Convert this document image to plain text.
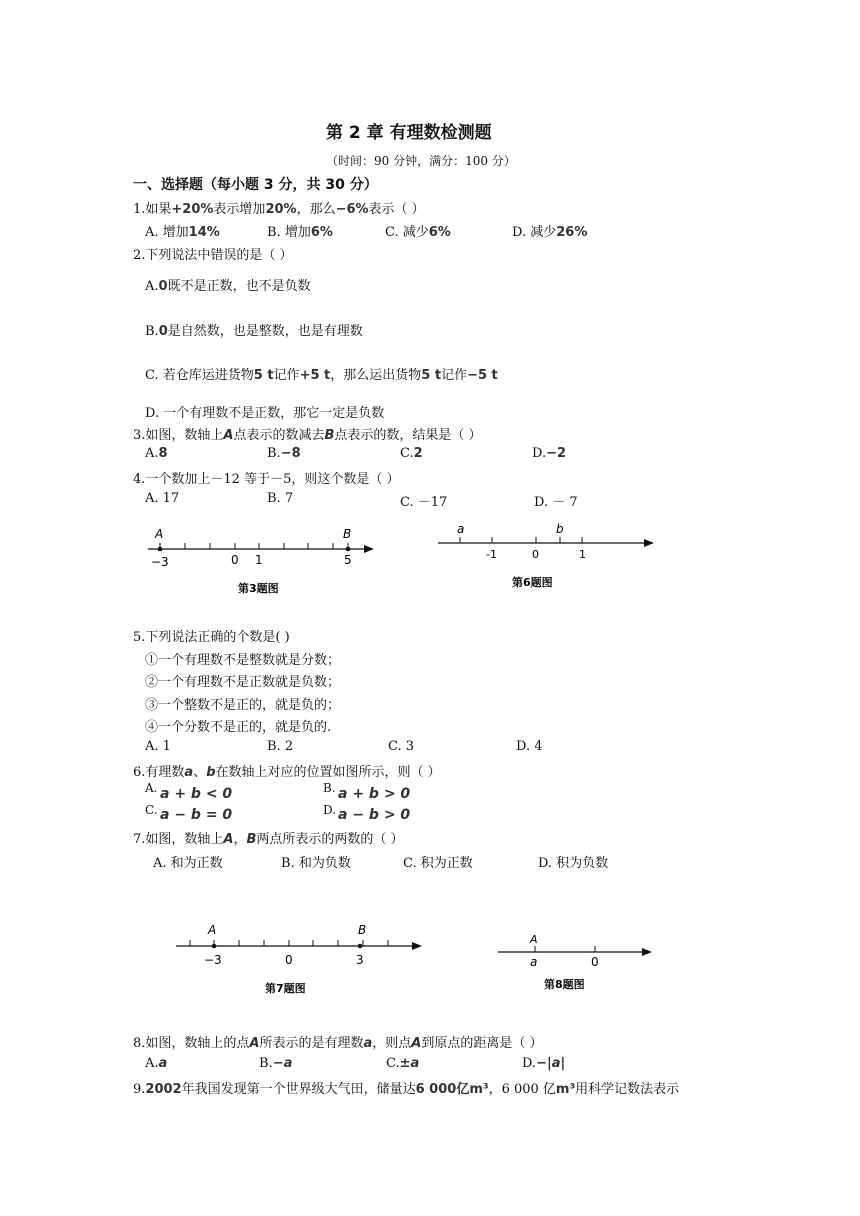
第 2 章 有理数检测题
（时间：90 分钟，满分：100 分）
一、选择题（每小题 3 分，共 30 分）
1.如果+20%表示增加20%，那么−6%表示（ ）
A. 增加14%	B. 增加6%	C. 减少6%	D. 减少26%
2.下列说法中错误的是（ ）
A.0既不是正数，也不是负数
B.0是自然数，也是整数，也是有理数
C. 若仓库运进货物5 t记作+5 t，那么运出货物5 t记作−5 t
D. 一个有理数不是正数，那它一定是负数
3.如图，数轴上A点表示的数减去B点表示的数，结果是（ ）
A.8	B.−8	C.2	D.−2
4.一个数加上－12 等于－5，则这个数是（ ）
A. 17	B. 7	C. －17	D. － 7
A	B
−3	0 1	5
第3题图
a	b
-1	0	1
第6题图
5.下列说法正确的个数是( )
①一个有理数不是整数就是分数；
②一个有理数不是正数就是负数；
③一个整数不是正的，就是负的；
④一个分数不是正的，就是负的.
A. 1	B. 2	C. 3	D. 4
6.有理数a、b在数轴上对应的位置如图所示，则（ ）
A. a + b < 0	B. a + b > 0
C. a − b = 0	D. a − b > 0
7.如图，数轴上A，B两点所表示的两数的（ ）
A. 和为正数	B. 和为负数	C. 积为正数	D. 积为负数
A	B
−3	0	3
第7题图
A
a	0
第8题图
8.如图，数轴上的点A所表示的是有理数a，则点A到原点的距离是（ ）
A.a	B.−a	C.±a	D.−|a|
9.2002年我国发现第一个世界级大气田，储量达6 000亿m³，6 000 亿m³用科学记数法表示
